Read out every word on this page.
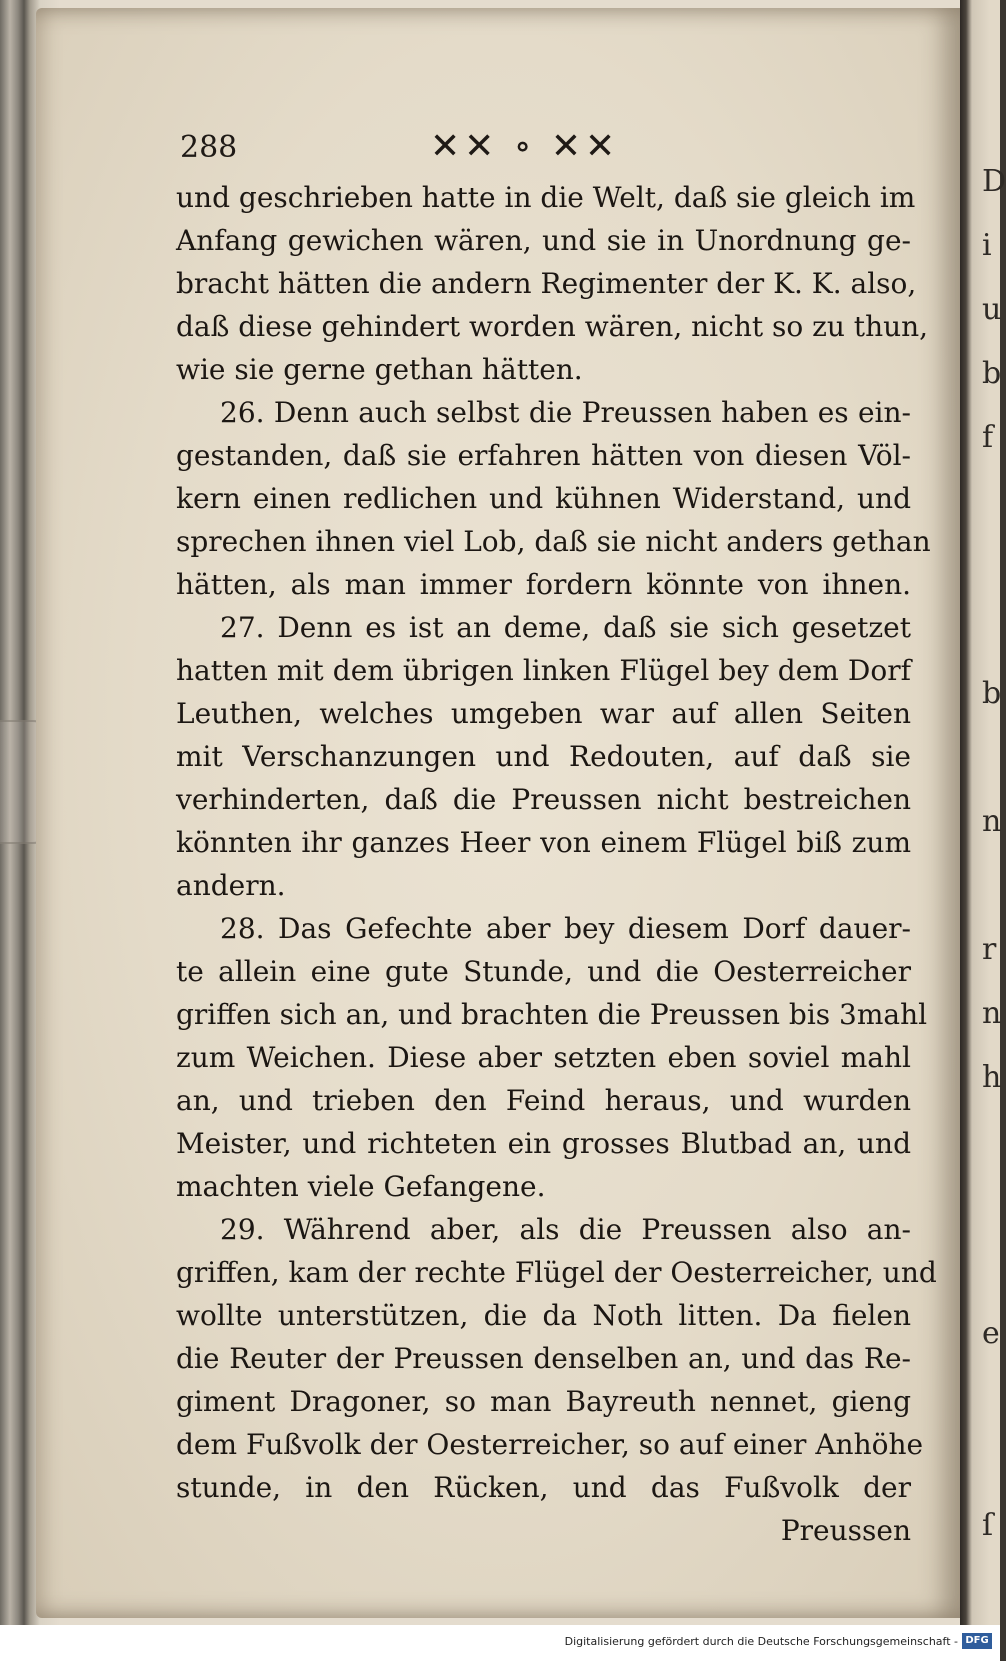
D
i
u
b
f

b

n

r
n
h

e

ſ

288	✕✕ ∘ ✕✕
und geschrieben hatte in die Welt, daß sie gleich im
Anfang gewichen wären, und sie in Unordnung ge-
bracht hätten die andern Regimenter der K. K. also,
daß diese gehindert worden wären, nicht so zu thun,
wie sie gerne gethan hätten.
26. Denn auch selbst die Preussen haben es ein-
gestanden, daß sie erfahren hätten von diesen Völ-
kern einen redlichen und kühnen Widerstand, und
sprechen ihnen viel Lob, daß sie nicht anders gethan
hätten, als man immer fordern könnte von ihnen.
27. Denn es ist an deme, daß sie sich gesetzet
hatten mit dem übrigen linken Flügel bey dem Dorf
Leuthen, welches umgeben war auf allen Seiten
mit Verschanzungen und Redouten, auf daß sie
verhinderten, daß die Preussen nicht bestreichen
könnten ihr ganzes Heer von einem Flügel biß zum
andern.
28. Das Gefechte aber bey diesem Dorf dauer-
te allein eine gute Stunde, und die Oesterreicher
griffen sich an, und brachten die Preussen bis 3mahl
zum Weichen. Diese aber setzten eben soviel mahl
an, und trieben den Feind heraus, und wurden
Meister, und richteten ein grosses Blutbad an, und
machten viele Gefangene.
29. Während aber, als die Preussen also an-
griffen, kam der rechte Flügel der Oesterreicher, und
wollte unterstützen, die da Noth litten. Da fielen
die Reuter der Preussen denselben an, und das Re-
giment Dragoner, so man Bayreuth nennet, gieng
dem Fußvolk der Oesterreicher, so auf einer Anhöhe
stunde, in den Rücken, und das Fußvolk der
Preussen
Digitalisierung gefördert durch die Deutsche Forschungsgemeinschaft - DFG
